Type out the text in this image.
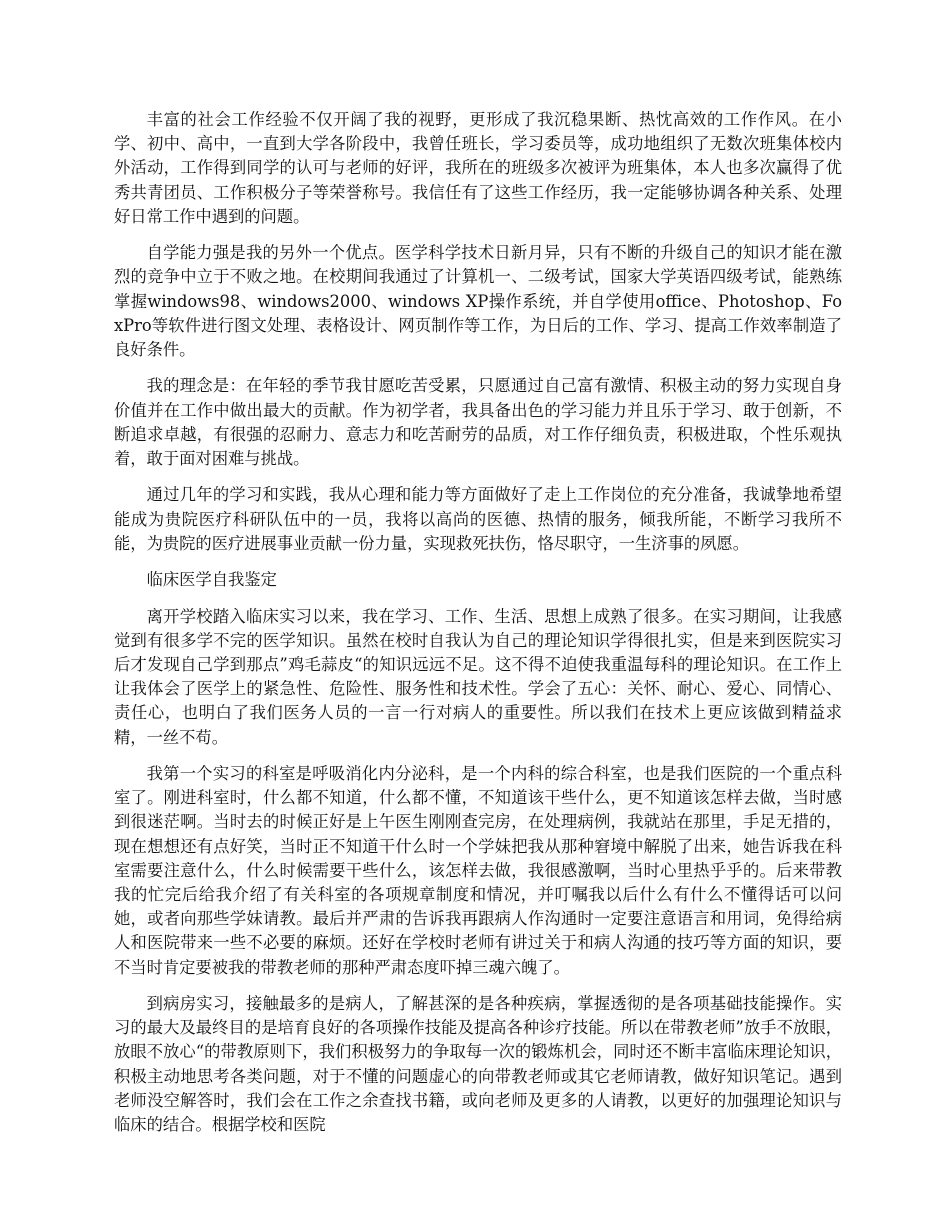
丰富的社会工作经验不仅开阔了我的视野，更形成了我沉稳果断、热忱高效的工作作风。在小学、初中、高中，一直到大学各阶段中，我曾任班长，学习委员等，成功地组织了无数次班集体校内外活动，工作得到同学的认可与老师的好评，我所在的班级多次被评为班集体，本人也多次赢得了优秀共青团员、工作积极分子等荣誉称号。我信任有了这些工作经历，我一定能够协调各种关系、处理好日常工作中遇到的问题。

自学能力强是我的另外一个优点。医学科学技术日新月异，只有不断的升级自己的知识才能在激烈的竞争中立于不败之地。在校期间我通过了计算机一、二级考试，国家大学英语四级考试，能熟练掌握windows98、windows2000、windows XP操作系统，并自学使用office、Photoshop、FoxPro等软件进行图文处理、表格设计、网页制作等工作，为日后的工作、学习、提高工作效率制造了良好条件。

我的理念是：在年轻的季节我甘愿吃苦受累，只愿通过自己富有激情、积极主动的努力实现自身价值并在工作中做出最大的贡献。作为初学者，我具备出色的学习能力并且乐于学习、敢于创新，不断追求卓越，有很强的忍耐力、意志力和吃苦耐劳的品质，对工作仔细负责，积极进取，个性乐观执着，敢于面对困难与挑战。

通过几年的学习和实践，我从心理和能力等方面做好了走上工作岗位的充分准备，我诚挚地希望能成为贵院医疗科研队伍中的一员，我将以高尚的医德、热情的服务，倾我所能，不断学习我所不能，为贵院的医疗进展事业贡献一份力量，实现救死扶伤，恪尽职守，一生济事的夙愿。

临床医学自我鉴定

离开学校踏入临床实习以来，我在学习、工作、生活、思想上成熟了很多。在实习期间，让我感觉到有很多学不完的医学知识。虽然在校时自我认为自己的理论知识学得很扎实，但是来到医院实习后才发现自己学到那点”鸡毛蒜皮“的知识远远不足。这不得不迫使我重温每科的理论知识。在工作上让我体会了医学上的紧急性、危险性、服务性和技术性。学会了五心：关怀、耐心、爱心、同情心、责任心，也明白了我们医务人员的一言一行对病人的重要性。所以我们在技术上更应该做到精益求精，一丝不苟。

我第一个实习的科室是呼吸消化内分泌科，是一个内科的综合科室，也是我们医院的一个重点科室了。刚进科室时，什么都不知道，什么都不懂，不知道该干些什么，更不知道该怎样去做，当时感到很迷茫啊。当时去的时候正好是上午医生刚刚查完房，在处理病例，我就站在那里，手足无措的，现在想想还有点好笑，当时正不知道干什么时一个学妹把我从那种窘境中解脱了出来，她告诉我在科室需要注意什么，什么时候需要干些什么，该怎样去做，我很感激啊，当时心里热乎乎的。后来带教我的忙完后给我介绍了有关科室的各项规章制度和情况，并叮嘱我以后什么有什么不懂得话可以问她，或者向那些学妹请教。最后并严肃的告诉我再跟病人作沟通时一定要注意语言和用词，免得给病人和医院带来一些不必要的麻烦。还好在学校时老师有讲过关于和病人沟通的技巧等方面的知识，要不当时肯定要被我的带教老师的那种严肃态度吓掉三魂六魄了。

到病房实习，接触最多的是病人，了解甚深的是各种疾病，掌握透彻的是各项基础技能操作。实习的最大及最终目的是培育良好的各项操作技能及提高各种诊疗技能。所以在带教老师”放手不放眼，放眼不放心“的带教原则下，我们积极努力的争取每一次的锻炼机会，同时还不断丰富临床理论知识，积极主动地思考各类问题，对于不懂的问题虚心的向带教老师或其它老师请教，做好知识笔记。遇到老师没空解答时，我们会在工作之余查找书籍，或向老师及更多的人请教，以更好的加强理论知识与临床的结合。根据学校和医院
